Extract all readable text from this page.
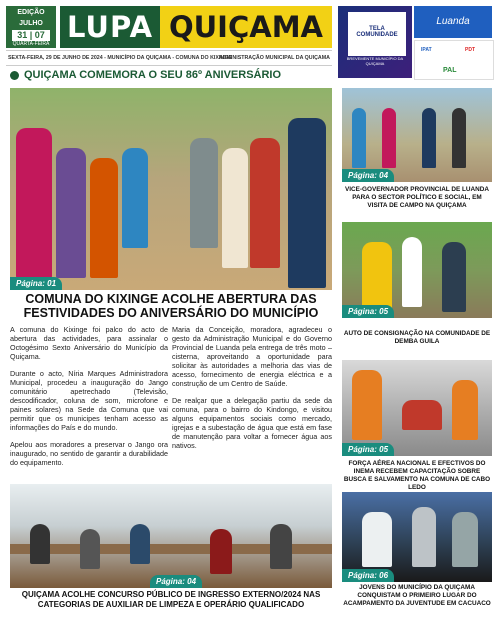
EDIÇÃO
JULHO
31 | 07
QUARTA-FEIRA LUPA QUIÇAMA	TELA COMUNIDADE
BREVEMENTE MUNICÍPIO DA QUIÇAMA
Luanda
IPAT	PDT
PAL
SEXTA-FEIRA, 29 DE JUNHO DE 2024 - MUNICÍPIO DA QUIÇAMA - COMUNA DO KIXINGE
ADMINISTRAÇÃO MUNICIPAL DA QUIÇAMA
QUIÇAMA COMEMORA O SEU 86º ANIVERSÁRIO
Página: 01
COMUNA DO KIXINGE ACOLHE ABERTURA DAS FESTIVIDADES DO ANIVERSÁRIO DO MUNICÍPIO

A comuna do Kixinge foi palco do acto de abertura das actividades, para assinalar o Octogésimo Sexto Aniversário do Município da Quiçama.

Durante o acto, Níria Marques Administradora Municipal, procedeu a inauguração do Jango comunitário apetrechado (Televisão, descodificador, coluna de som, microfone e paines solares) na Sede da Comuna que vai permitir que os municipes tenham acesso as informações do País e do mundo.

Apelou aos moradores a preservar o Jango ora inaugurado, no sentido de garantir a durabilidade do equipamento.

Maria da Conceição, moradora, agradeceu o gesto da Administração Municipal e do Governo Provincial de Luanda pela entrega de três moto – cisterna, aproveitando a oportunidade para solicitar às autoridades a melhoria das vias de acesso, fornecimento de energia eléctrica e a construção de um Centro de Saúde.

De realçar que a delegação partiu da sede da comuna, para o bairro do Kindongo, e visitou alguns equipamentos sociais como mercado, igrejas e a subestação de água que está em fase de manutenção para voltar a fornecer água aos nativos.

Página: 04
QUIÇAMA ACOLHE CONCURSO PÚBLICO DE INGRESSO EXTERNO/2024 NAS CATEGORIAS DE AUXILIAR DE LIMPEZA E OPERÁRIO QUALIFICADO
Página: 04
VICE-GOVERNADOR PROVINCIAL DE LUANDA PARA O SECTOR POLÍTICO E SOCIAL, EM VISITA DE CAMPO NA QUIÇAMA
Página: 05
AUTO DE CONSIGNAÇÃO NA COMUNIDADE DE DEMBA GUILA
Página: 05
FORÇA AÉREA NACIONAL E EFECTIVOS DO INEMA RECEBEM CAPACITAÇÃO SOBRE BUSCA E SALVAMENTO NA COMUNA DE CABO LEDO
Página: 06
JOVENS DO MUNICÍPIO DA QUIÇAMA CONQUISTAM O PRIMEIRO LUGAR DO ACAMPAMENTO DA JUVENTUDE EM CACUACO
